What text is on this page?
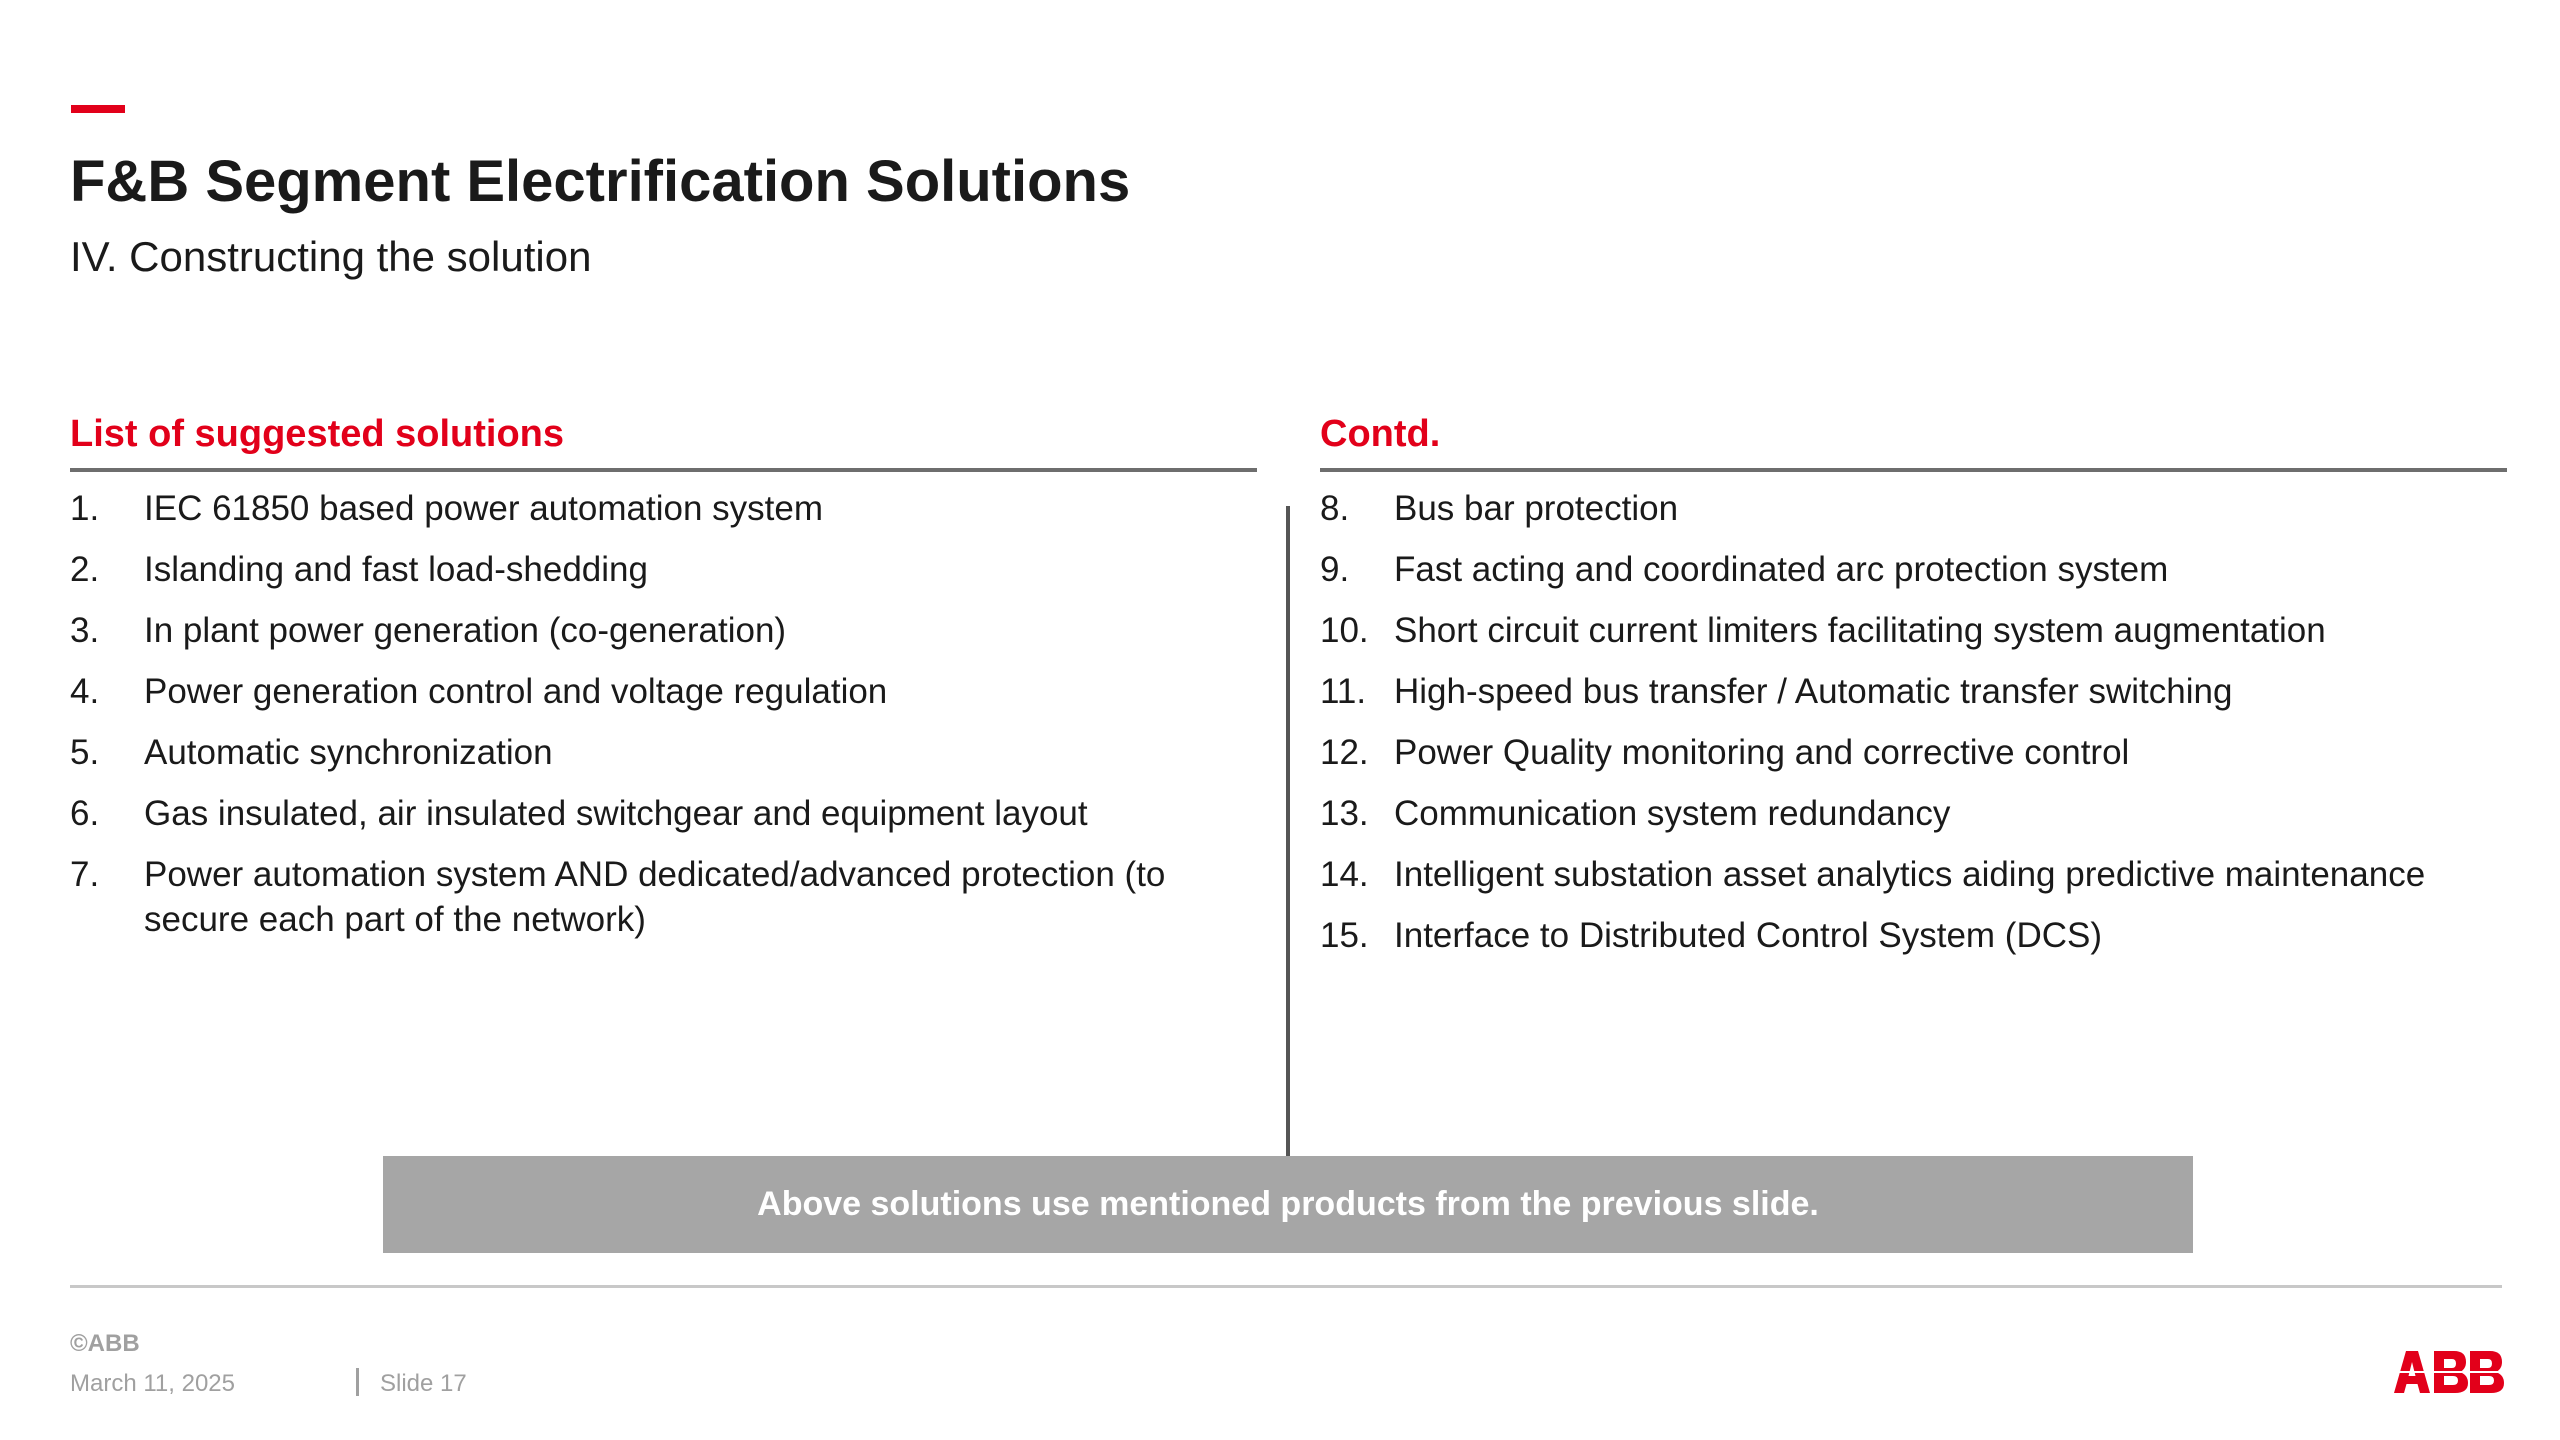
F&B Segment Electrification Solutions
IV. Constructing the solution
List of suggested solutions
1.	IEC 61850 based power automation system
2.	Islanding and fast load-shedding
3.	In plant power generation (co-generation)
4.	Power generation control and voltage regulation
5.	Automatic synchronization
6.	Gas insulated, air insulated switchgear and equipment layout
7.	Power automation system AND dedicated/advanced protection (to secure each part of the network)
Contd.
8.	Bus bar protection
9.	Fast acting and coordinated arc protection system
10. Short circuit current limiters facilitating system augmentation
11. High-speed bus transfer / Automatic transfer switching
12. Power Quality monitoring and corrective control
13. Communication system redundancy
14. Intelligent substation asset analytics aiding predictive maintenance
15. Interface to Distributed Control System (DCS)
Above solutions use mentioned products from the previous slide.
©ABB
March 11, 2025	Slide 17
